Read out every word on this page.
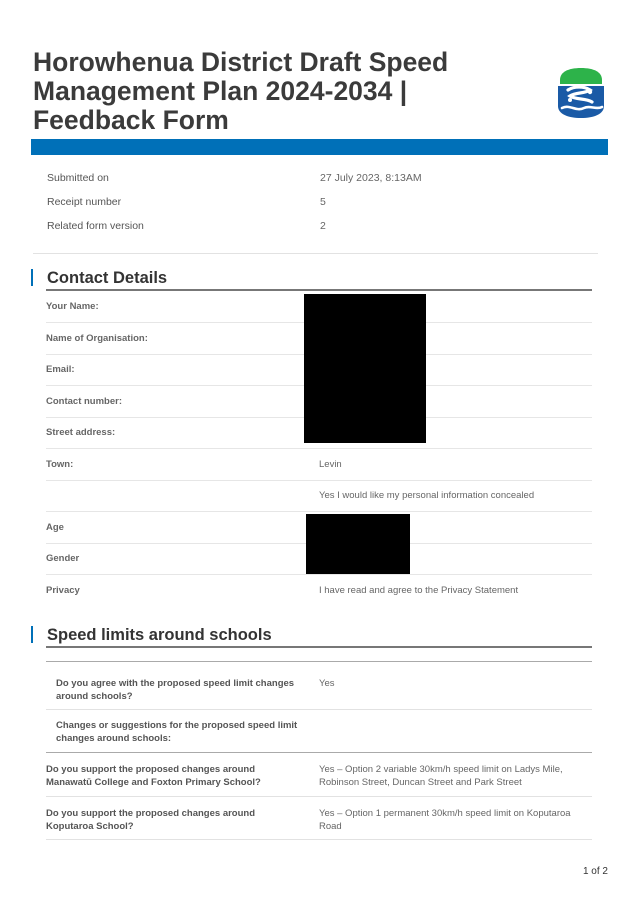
Horowhenua District Draft Speed Management Plan 2024-2034 | Feedback Form
Submitted on	27 July 2023, 8:13AM
Receipt number	5
Related form version	2
Contact Details
Your Name:
Name of Organisation:
Email:
Contact number:
Street address:
Town:	Levin
Yes I would like my personal information concealed
Age
Gender
Privacy	I have read and agree to the Privacy Statement
Speed limits around schools
Do you agree with the proposed speed limit changes around schools?
Yes
Changes or suggestions for the proposed speed limit changes around schools:
Do you support the proposed changes around Manawatū College and Foxton Primary School?
Yes – Option 2 variable 30km/h speed limit on Ladys Mile, Robinson Street, Duncan Street and Park Street
Do you support the proposed changes around Koputaroa School?
Yes – Option 1 permanent 30km/h speed limit on Koputaroa Road
1 of 2
